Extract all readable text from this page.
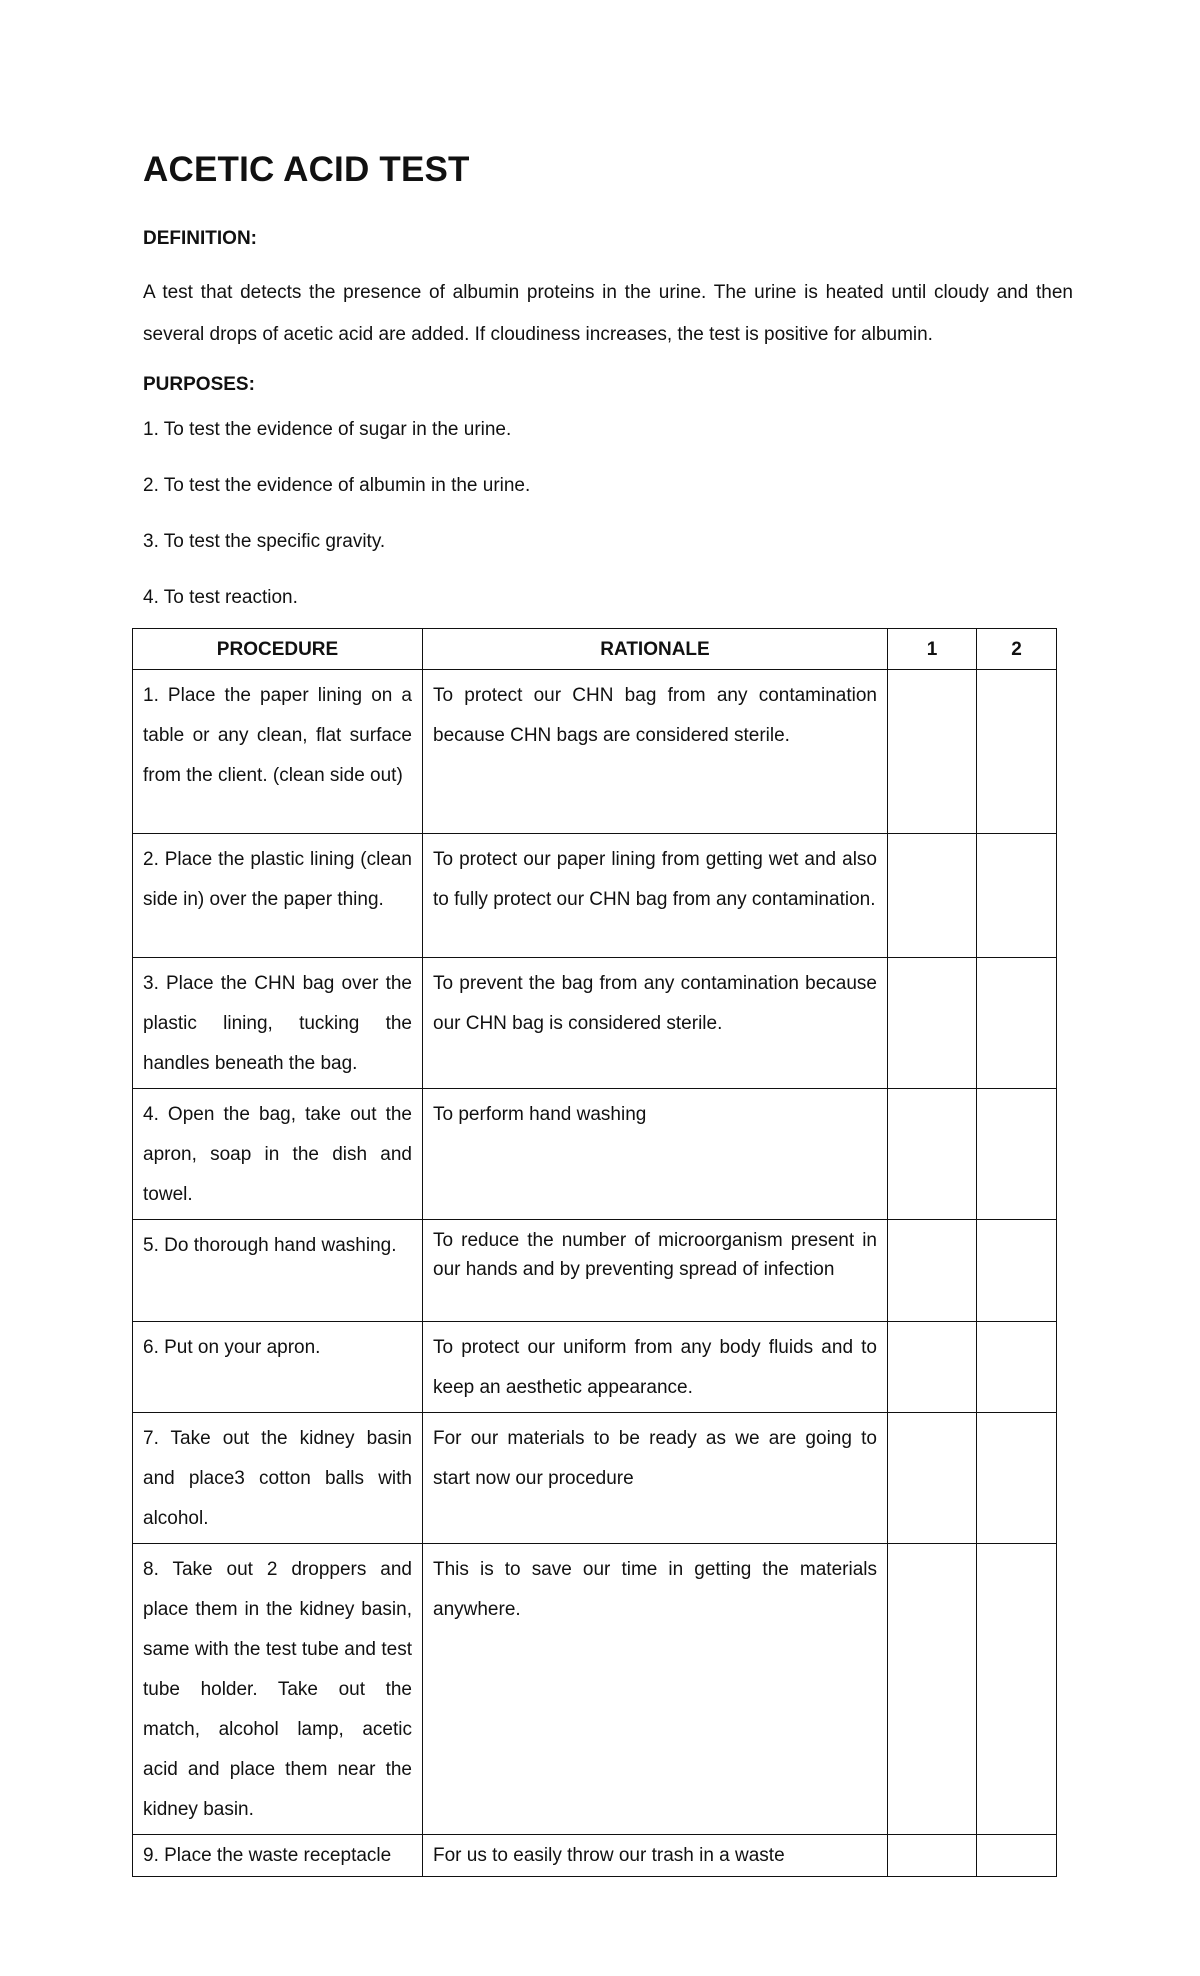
ACETIC ACID TEST
DEFINITION:

A test that detects the presence of albumin proteins in the urine. The urine is heated until cloudy and then several drops of acetic acid are added. If cloudiness increases, the test is positive for albumin.

PURPOSES:
1. To test the evidence of sugar in the urine.
2. To test the evidence of albumin in the urine.
3. To test the specific gravity.
4. To test reaction.
PROCEDURE	RATIONALE	1	2

1. Place the paper lining on a table or any clean, flat surface from the client. (clean side out)	To protect our CHN bag from any contamination because CHN bags are considered sterile.		

2. Place the plastic lining (clean side in) over the paper thing.	To protect our paper lining from getting wet and also to fully protect our CHN bag from any contamination.		

3. Place the CHN bag over the plastic lining, tucking the handles beneath the bag.	To prevent the bag from any contamination because our CHN bag is considered sterile.		

4. Open the bag, take out the apron, soap in the dish and towel.	To perform hand washing		

5. Do thorough hand washing.	To reduce the number of microorganism present in our hands and by preventing spread of infection		

6. Put on your apron.	To protect our uniform from any body fluids and to keep an aesthetic appearance.		

7. Take out the kidney basin and place3 cotton balls with alcohol.	For our materials to be ready as we are going to start now our procedure		

8. Take out 2 droppers and place them in the kidney basin, same with the test tube and test tube holder. Take out the match, alcohol lamp, acetic acid and place them near the kidney basin.	This is to save our time in getting the materials anywhere.		

9. Place the waste receptacle	For us to easily throw our trash in a waste		
